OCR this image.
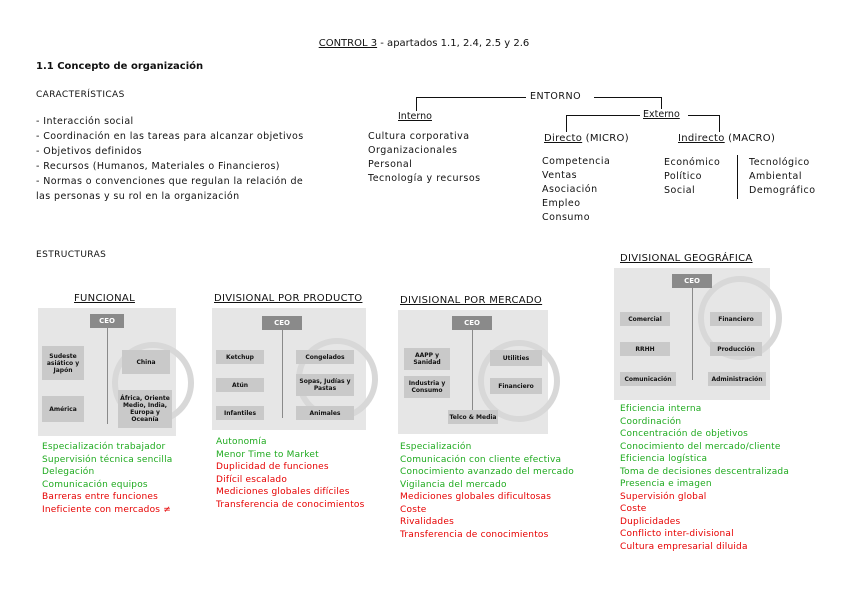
CONTROL 3 - apartados 1.1, 2.4, 2.5 y 2.6
1.1 Concepto de organización
CARACTERÍSTICAS
- Interacción social
- Coordinación en las tareas para alcanzar objetivos
- Objetivos definidos
- Recursos (Humanos, Materiales o Financieros)
- Normas o convenciones que regulan la relación de
las personas y su rol en la organización
ENTORNO
Interno
Cultura corporativa
Organizacionales
Personal
Tecnología y recursos
Externo
Directo (MICRO)
Competencia
Ventas
Asociación
Empleo
Consumo
Indirecto (MACRO)
Económico
Político
Social
Tecnológico
Ambiental
Demográfico
ESTRUCTURAS
FUNCIONAL
CEO
Sudeste asiático y Japón
China
América
África, Oriente Medio, India, Europa y Oceanía
Especialización trabajador
Supervisión técnica sencilla
Delegación
Comunicación equipos
Barreras entre funciones
Ineficiente con mercados ≠
DIVISIONAL POR PRODUCTO
CEO
Ketchup	Congelados
Atún	Sopas, Judías y Pastas
Infantiles	Animales
Autonomía
Menor Time to Market
Duplicidad de funciones
Difícil escalado
Mediciones globales difíciles
Transferencia de conocimientos
DIVISIONAL POR MERCADO
CEO
AAPP y Sanidad
Utilities
Industria y Consumo
Financiero
Telco & Media
Especialización
Comunicación con cliente efectiva
Conocimiento avanzado del mercado
Vigilancia del mercado
Mediciones globales dificultosas
Coste
Rivalidades
Transferencia de conocimientos
DIVISIONAL GEOGRÁFICA
CEO
Comercial	Financiero
RRHH	Producción
Comunicación	Administración
Eficiencia interna
Coordinación
Concentración de objetivos
Conocimiento del mercado/cliente
Eficiencia logística
Toma de decisiones descentralizada
Presencia e imagen
Supervisión global
Coste
Duplicidades
Conflicto inter-divisional
Cultura empresarial diluida
